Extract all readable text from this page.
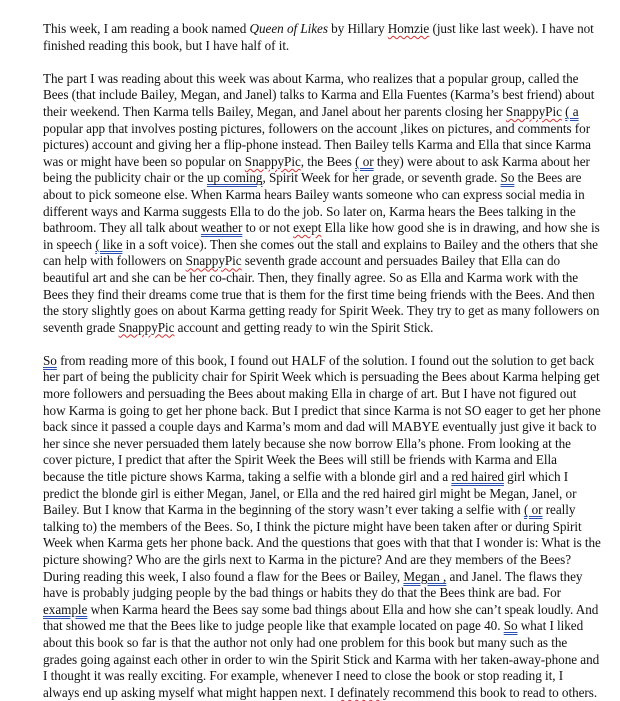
This week, I am reading a book named Queen of Likes by Hillary Homzie (just like last week). I have not finished reading this book, but I have half of it.

The part I was reading about this week was about Karma, who realizes that a popular group, called the Bees (that include Bailey, Megan, and Janel) talks to Karma and Ella Fuentes (Karma’s best friend) about their weekend. Then Karma tells Bailey, Megan, and Janel about her parents closing her SnappyPic ( a popular app that involves posting pictures, followers on the account ,likes on pictures, and comments for pictures) account and giving her a flip-phone instead. Then Bailey tells Karma and Ella that since Karma was or might have been so popular on SnappyPic, the Bees ( or they) were about to ask Karma about her being the publicity chair or the up coming, Spirit Week for her grade, or seventh grade. So the Bees are about to pick someone else. When Karma hears Bailey wants someone who can express social media in different ways and Karma suggests Ella to do the job. So later on, Karma hears the Bees talking in the bathroom. They all talk about weather to or not exept Ella like how good she is in drawing, and how she is in speech ( like in a soft voice). Then she comes out the stall and explains to Bailey and the others that she can help with followers on SnappyPic seventh grade account and persuades Bailey that Ella can do beautiful art and she can be her co-chair. Then, they finally agree. So as Ella and Karma work with the Bees they find their dreams come true that is them for the first time being friends with the Bees. And then the story slightly goes on about Karma getting ready for Spirit Week. They try to get as many followers on seventh grade SnappyPic account and getting ready to win the Spirit Stick.

So from reading more of this book, I found out HALF of the solution. I found out the solution to get back her part of being the publicity chair for Spirit Week which is persuading the Bees about Karma helping get more followers and persuading the Bees about making Ella in charge of art. But I have not figured out how Karma is going to get her phone back. But I predict that since Karma is not SO eager to get her phone back since it passed a couple days and Karma’s mom and dad will MABYE eventually just give it back to her since she never persuaded them lately because she now borrow Ella’s phone. From looking at the cover picture, I predict that after the Spirit Week the Bees will still be friends with Karma and Ella because the title picture shows Karma, taking a selfie with a blonde girl and a red haired girl which I predict the blonde girl is either Megan, Janel, or Ella and the red haired girl might be Megan, Janel, or Bailey. But I know that Karma in the beginning of the story wasn’t ever taking a selfie with ( or really talking to) the members of the Bees. So, I think the picture might have been taken after or during Spirit Week when Karma gets her phone back. And the questions that goes with that that I wonder is: What is the picture showing? Who are the girls next to Karma in the picture? And are they members of the Bees? During reading this week, I also found a flaw for the Bees or Bailey, Megan , and Janel. The flaws they have is probably judging people by the bad things or habits they do that the Bees think are bad. For example when Karma heard the Bees say some bad things about Ella and how she can’t speak loudly. And that showed me that the Bees like to judge people like that example located on page 40. So what I liked about this book so far is that the author not only had one problem for this book but many such as the grades going against each other in order to win the Spirit Stick and Karma with her taken-away-phone and I thought it was really exciting. For example, whenever I need to close the book or stop reading it, I always end up asking myself what might happen next. I definately recommend this book to read to others.
